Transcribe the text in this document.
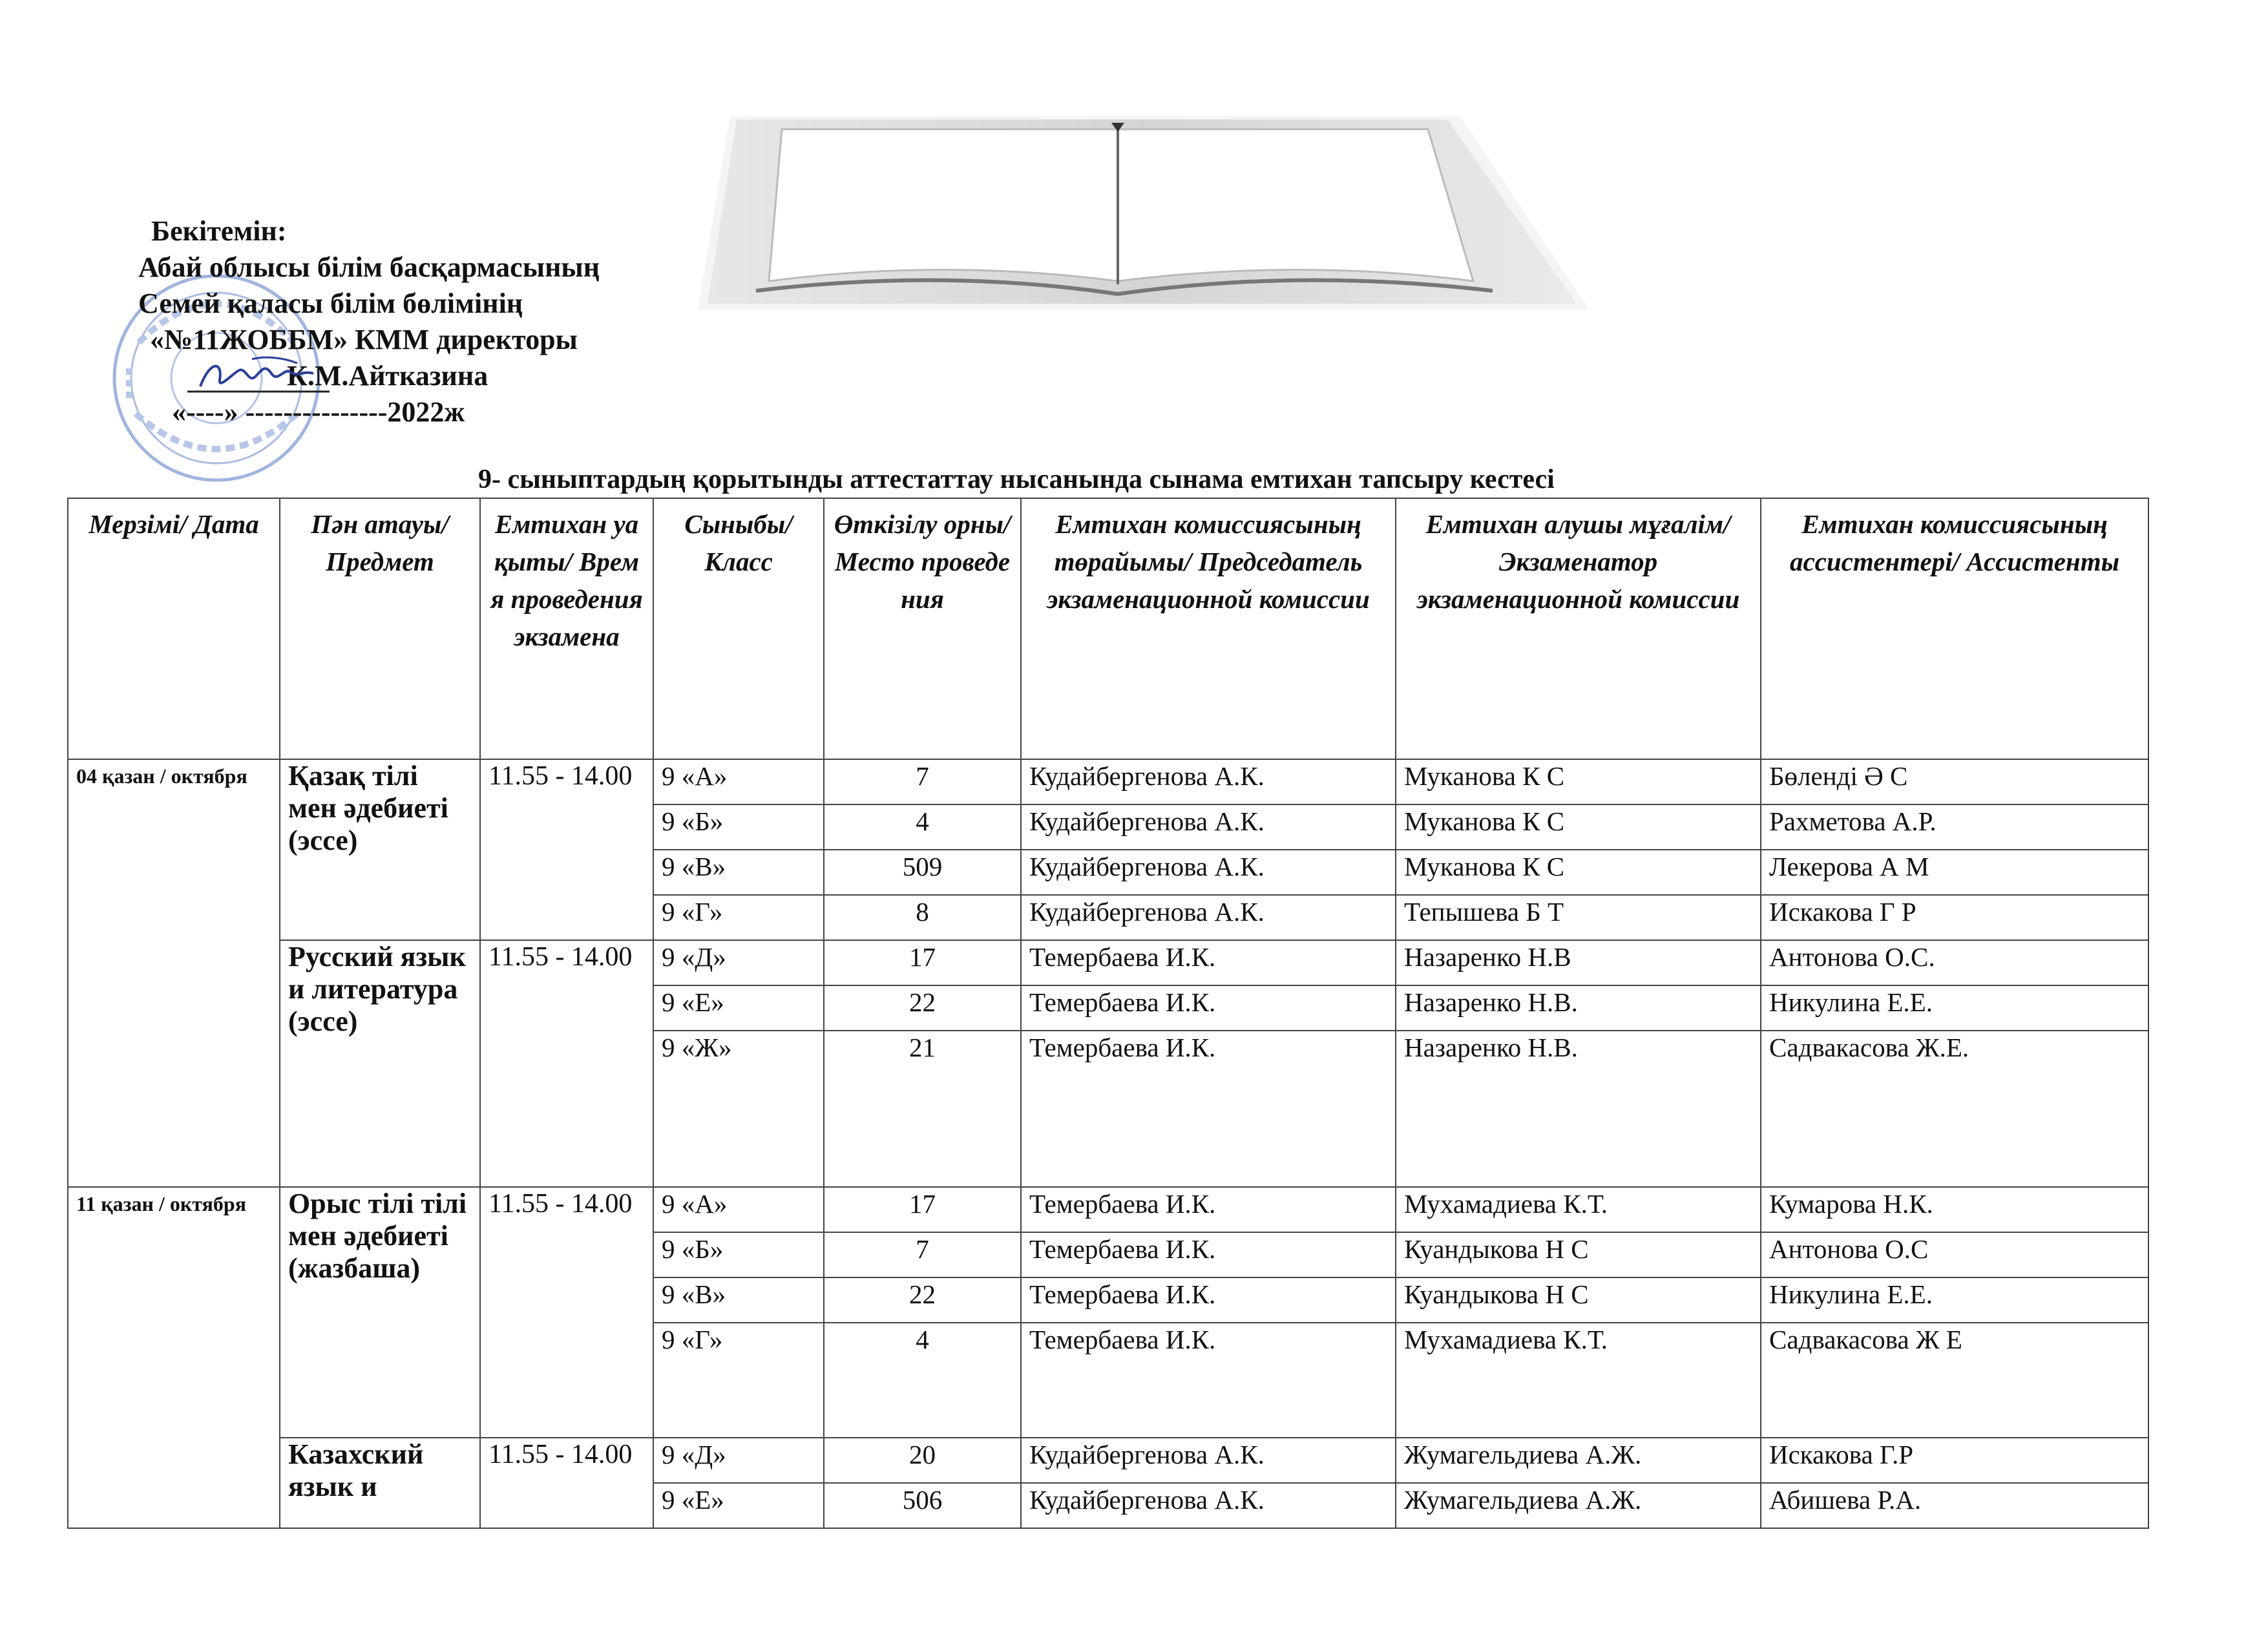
Бекітемін:
Абай облысы білім басқармасының
Семей қаласы білім бөлімінің
«№11ЖОББМ» КММ директоры
К.М.Айтказина
«----» ---------------2022ж
9- сыныптардың қорытынды аттестаттау нысанында сынама емтихан тапсыру кестесі
Мерзімі/ Дата	Пән атауы/ Предмет	Емтихан уақыты/ Время проведения экзамена	Сыныбы/ Класс	Өткізілу орны/ Место проведения	Емтихан комиссиясының төрайымы/ Председатель экзаменационной комиссии	Емтихан алушы мұғалім/ Экзаменатор экзаменационной комиссии	Емтихан комиссиясының ассистентері/ Ассистенты
04 қазан / октября	Қазақ тілі мен әдебиеті (эссе)	11.55 - 14.00	9 «А»	7	Кудайбергенова А.К.	Муканова К С	Бөленді Ә С
			9 «Б»	4	Кудайбергенова А.К.	Муканова К С	Рахметова А.Р.
			9 «В»	509	Кудайбергенова А.К.	Муканова К С	Лекерова А М
			9 «Г»	8	Кудайбергенова А.К.	Тепышева Б Т	Искакова Г Р
	Русский язык и литература (эссе)	11.55 - 14.00	9 «Д»	17	Темербаева И.К.	Назаренко Н.В	Антонова О.С.
			9 «Е»	22	Темербаева И.К.	Назаренко Н.В.	Никулина Е.Е.
			9 «Ж»	21	Темербаева И.К.	Назаренко Н.В.	Садвакасова Ж.Е.
11 қазан / октября	Орыс тілі тілі мен әдебиеті (жазбаша)	11.55 - 14.00	9 «А»	17	Темербаева И.К.	Мухамадиева К.Т.	Кумарова Н.К.
			9 «Б»	7	Темербаева И.К.	Куандыкова Н С	Антонова О.С
			9 «В»	22	Темербаева И.К.	Куандыкова Н С	Никулина Е.Е.
			9 «Г»	4	Темербаева И.К.	Мухамадиева К.Т.	Садвакасова Ж Е
	Казахский язык и	11.55 - 14.00	9 «Д»	20	Кудайбергенова А.К.	Жумагельдиева А.Ж.	Искакова Г.Р
			9 «Е»	506	Кудайбергенова А.К.	Жумагельдиева А.Ж.	Абишева Р.А.
